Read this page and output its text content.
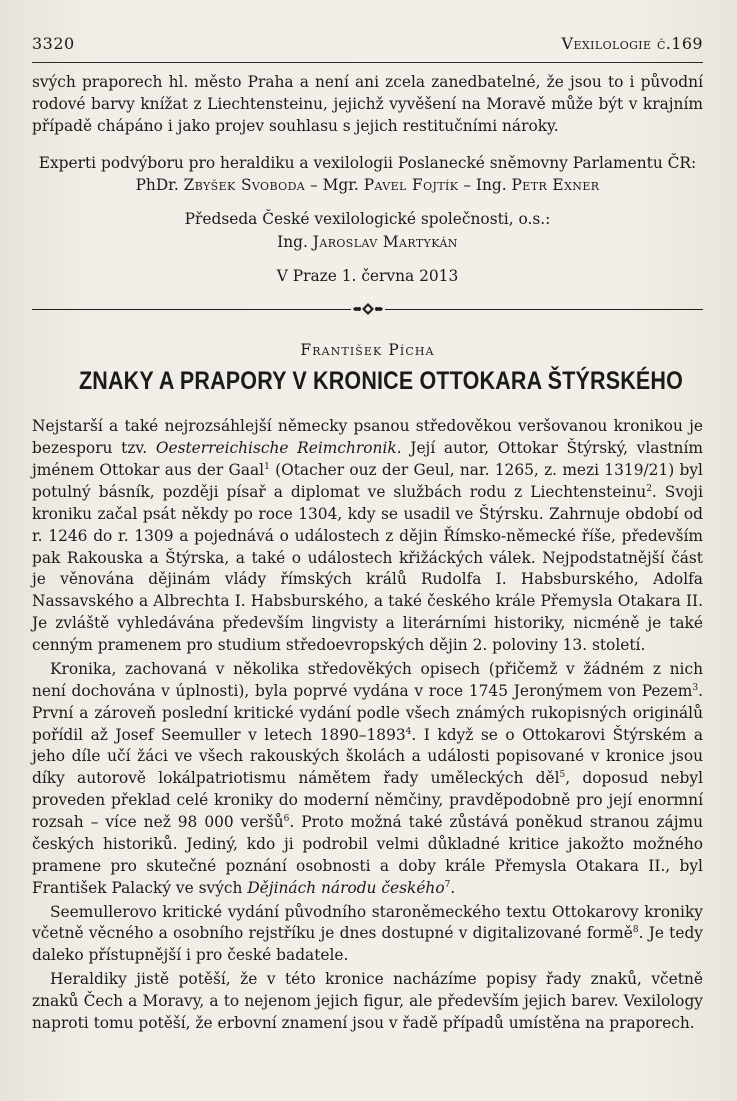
3320	Vexilologie č.169

svých praporech hl. město Praha a není ani zcela zanedbatelné, že jsou to i původní rodové barvy knížat z Liechtensteinu, jejichž vyvěšení na Moravě může být v krajním případě chápáno i jako projev souhlasu s jejich restitučními nároky.

Experti podvýboru pro heraldiku a vexilologii Poslanecké sněmovny Parlamentu ČR:

PhDr. Zbyšek Svoboda – Mgr. Pavel Fojtík – Ing. Petr Exner

Předseda České vexilologické společnosti, o.s.:

Ing. Jaroslav Martykán

V Praze 1. června 2013

František Pícha
ZNAKY A PRAPORY V KRONICE OTTOKARA ŠTÝRSKÉHO

Nejstarší a také nejrozsáhlejší německy psanou středověkou veršovanou kronikou je bezesporu tzv. Oesterreichische Reimchronik. Její autor, Ottokar Štýrský, vlastním jménem Ottokar aus der Gaal$^1$ (Otacher ouz der Geul, nar. 1265, z. mezi 1319/21) byl potulný básník, později písař a diplomat ve službách rodu z Liechtensteinu$^2$. Svoji kroniku začal psát někdy po roce 1304, kdy se usadil ve Štýrsku. Zahrnuje období od r. 1246 do r. 1309 a pojednává o událostech z dějin Římsko-německé říše, především pak Rakouska a Štýrska, a také o událostech křižáckých válek. Nejpodstatnější část je věnována dějinám vlády římských králů Rudolfa I. Habsburského, Adolfa Nassavského a Albrechta I. Habsburského, a také českého krále Přemysla Otakara II. Je zvláště vyhledávána především lingvisty a literárními historiky, nicméně je také cenným pramenem pro studium středoevropských dějin 2. poloviny 13. století.

Kronika, zachovaná v několika středověkých opisech (přičemž v žádném z nich není dochována v úplnosti), byla poprvé vydána v roce 1745 Jeronýmem von Pezem$^3$. První a zároveň poslední kritické vydání podle všech známých rukopisných originálů pořídil až Josef Seemuller v letech 1890–1893$^4$. I když se o Ottokarovi Štýrském a jeho díle učí žáci ve všech rakouských školách a události popisované v kronice jsou díky autorově lokálpatriotismu námětem řady uměleckých děl$^5$, doposud nebyl proveden překlad celé kroniky do moderní němčiny, pravděpodobně pro její enormní rozsah – více než 98 000 veršů$^6$. Proto možná také zůstává poněkud stranou zájmu českých historiků. Jediný, kdo ji podrobil velmi důkladné kritice jakožto možného pramene pro skutečné poznání osobnosti a doby krále Přemysla Otakara II., byl František Palacký ve svých Dějinách národu českého$^7$.

Seemullerovo kritické vydání původního staroněmeckého textu Ottokarovy kroniky včetně věcného a osobního rejstříku je dnes dostupné v digitalizované formě$^8$. Je tedy daleko přístupnější i pro české badatele.

Heraldiky jistě potěší, že v této kronice nacházíme popisy řady znaků, včetně znaků Čech a Moravy, a to nejenom jejich figur, ale především jejich barev. Vexilology naproti tomu potěší, že erbovní znamení jsou v řadě případů umístěna na praporech.
